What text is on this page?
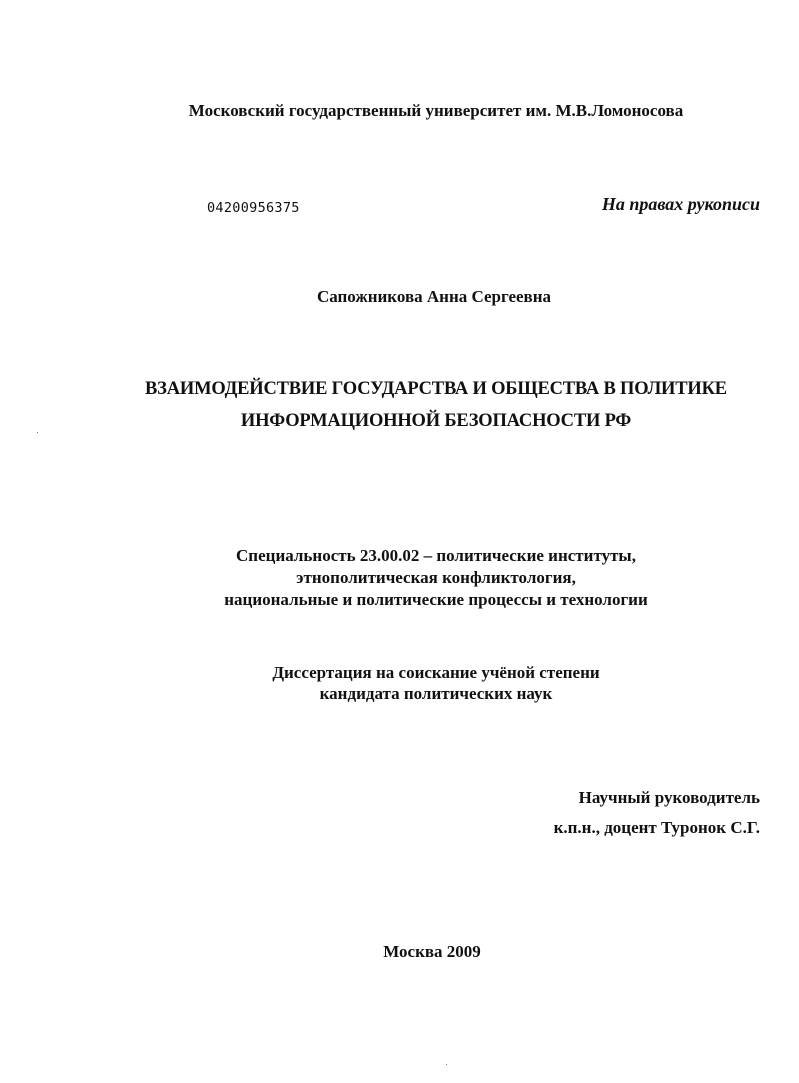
Московский государственный университет им. М.В.Ломоносова
04200956375	На правах рукописи
Сапожникова Анна Сергеевна
ВЗАИМОДЕЙСТВИЕ ГОСУДАРСТВА И ОБЩЕСТВА В ПОЛИТИКЕ
ИНФОРМАЦИОННОЙ БЕЗОПАСНОСТИ РФ
Специальность 23.00.02 – политические институты,
этнополитическая конфликтология,
национальные и политические процессы и технологии
Диссертация на соискание учёной степени
кандидата политических наук
Научный руководитель
к.п.н., доцент Туронок С.Г.
Москва 2009
